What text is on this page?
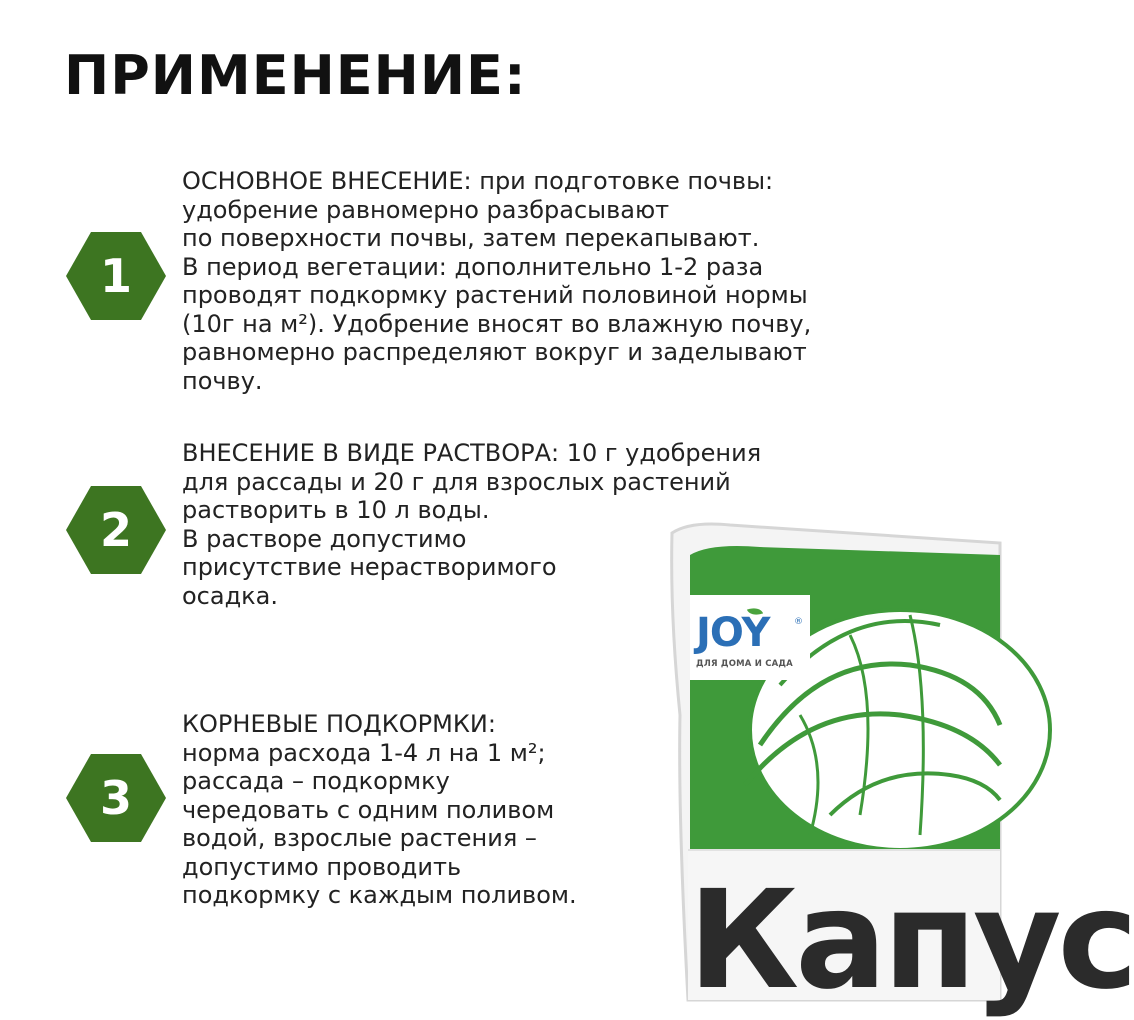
ПРИМЕНЕНИЕ:
1

ОСНОВНОЕ ВНЕСЕНИЕ: при подготовке почвы:
удобрение равномерно разбрасывают
по поверхности почвы, затем перекапывают.
В период вегетации: дополнительно 1-2 раза
проводят подкормку растений половиной нормы
(10г на м²). Удобрение вносят во влажную почву,
равномерно распределяют вокруг и заделывают
почву.

2

ВНЕСЕНИЕ В ВИДЕ РАСТВОРА: 10 г удобрения
для рассады и 20 г для взрослых растений
растворить в 10 л воды.
В растворе допустимо
присутствие нерастворимого
осадка.

3

КОРНЕВЫЕ ПОДКОРМКИ:
норма расхода 1-4 л на 1 м²;
рассада – подкормку
чередовать с одним поливом
водой, взрослые растения –
допустимо проводить
подкормку с каждым поливом.

JOY	®
ДЛЯ ДОМА И САДА
Капус
